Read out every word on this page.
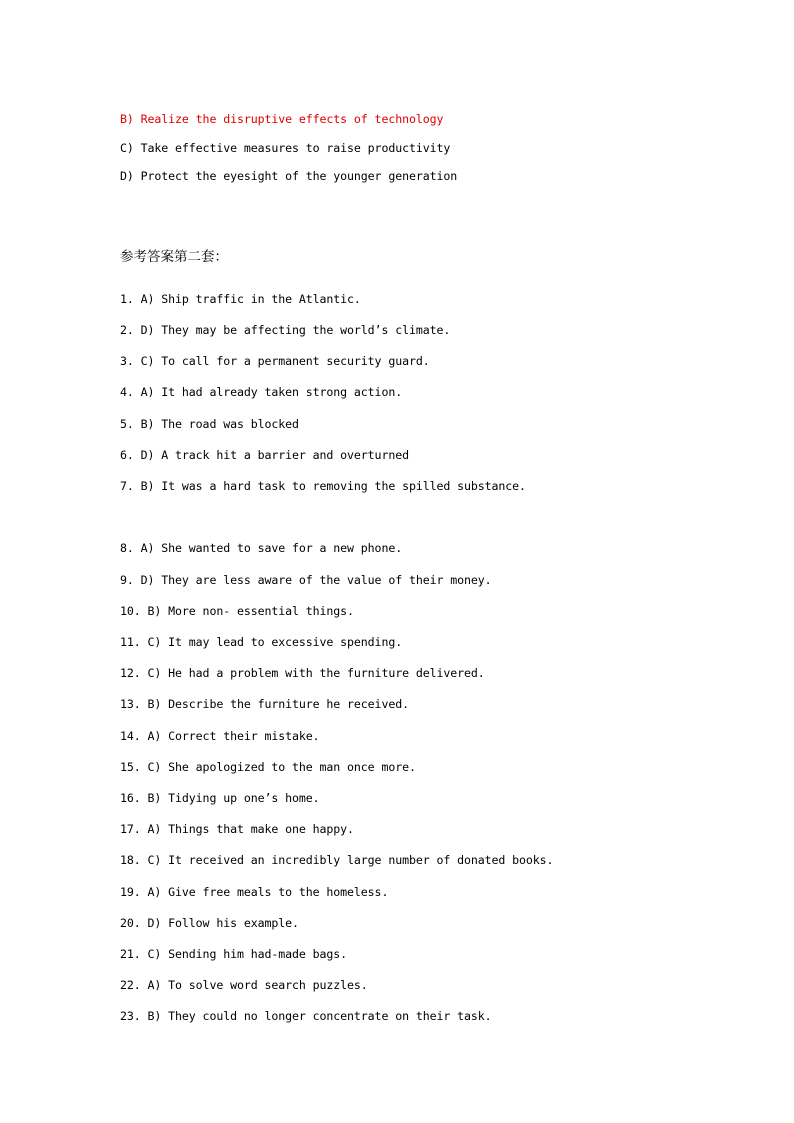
B) Realize the disruptive effects of technology
C) Take effective measures to raise productivity
D) Protect the eyesight of the younger generation
参考答案第二套：
1. A) Ship traffic in the Atlantic.
2. D) They may be affecting the world’s climate.
3. C) To call for a permanent security guard.
4. A) It had already taken strong action.
5. B) The road was blocked
6. D) A track hit a barrier and overturned
7. B) It was a hard task to removing the spilled substance.
8. A) She wanted to save for a new phone.
9. D) They are less aware of the value of their money.
10. B) More non- essential things.
11. C) It may lead to excessive spending.
12. C) He had a problem with the furniture delivered.
13. B) Describe the furniture he received.
14. A) Correct their mistake.
15. C) She apologized to the man once more.
16. B) Tidying up one’s home.
17. A) Things that make one happy.
18. C) It received an incredibly large number of donated books.
19. A) Give free meals to the homeless.
20. D) Follow his example.
21. C) Sending him had-made bags.
22. A) To solve word search puzzles.
23. B) They could no longer concentrate on their task.
